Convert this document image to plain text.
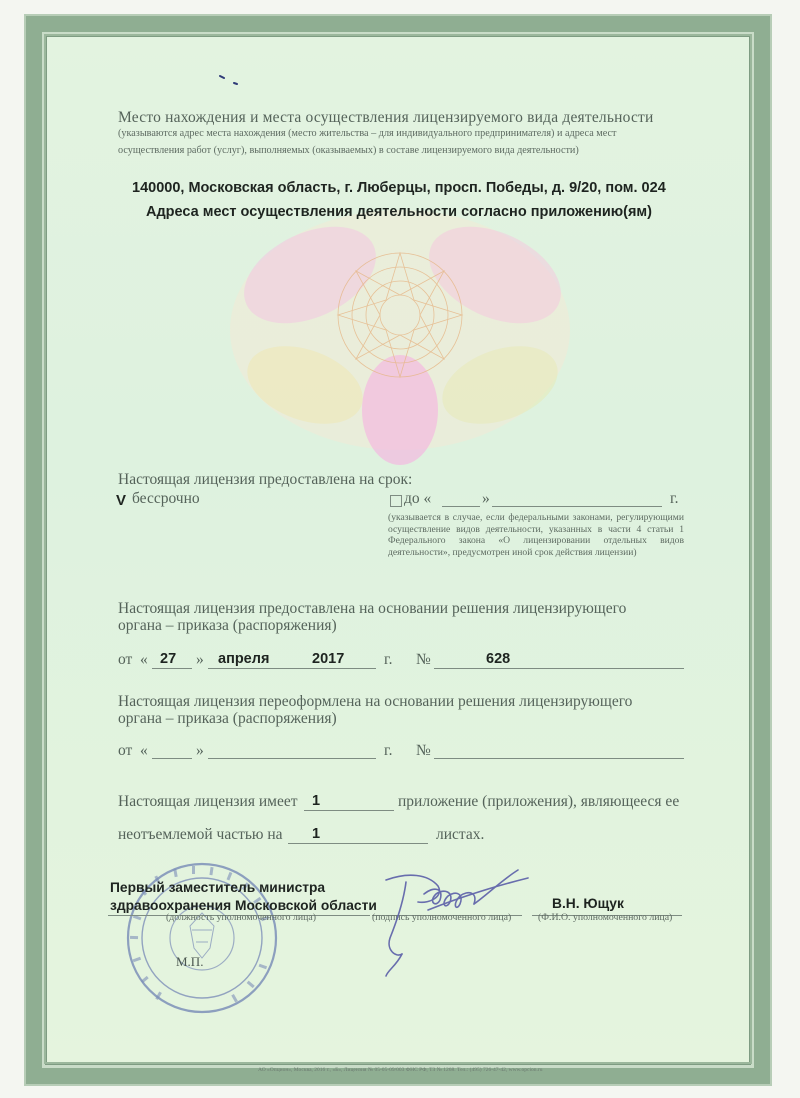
Место нахождения и места осуществления лицензируемого вида деятельности

(указываются адрес места нахождения (место жительства – для индивидуального предпринимателя) и адреса мест

осуществления работ (услуг), выполняемых (оказываемых) в составе лицензируемого вида деятельности)

140000, Московская область, г. Люберцы, просп. Победы, д. 9/20, пом. 024

Адреса мест осуществления деятельности согласно приложению(ям)

Настоящая лицензия предоставлена на срок:

V бессрочно	до «	»	г.

(указывается в случае, если федеральными законами, регулирующими осуществление видов деятельности, указанных в части 4 статьи 1 Федерального закона «О лицензировании отдельных видов деятельности», предусмотрен иной срок действия лицензии)

Настоящая лицензия предоставлена на основании решения лицензирующего

органа – приказа (распоряжения)

от « 27 » апреля	2017	г. №	628

Настоящая лицензия переоформлена на основании решения лицензирующего

органа – приказа (распоряжения)

от «	»	г. №

Настоящая лицензия имеет 1	приложение (приложения), являющееся ее

неотъемлемой частью на 1	листах.

М.П.

Первый заместитель министра

здравоохранения Московской области

(должность уполномоченного лица)	(подпись уполномоченного лица)

В.Н. Ющук

(Ф.И.О. уполномоченного лица)

АО «Опцион», Москва, 2016 г., «Б», Лицензия № 05-05-09/003 ФНС РФ, ТЗ № 1268. Тел.: (495) 726-47-42, www.opcion.ru
